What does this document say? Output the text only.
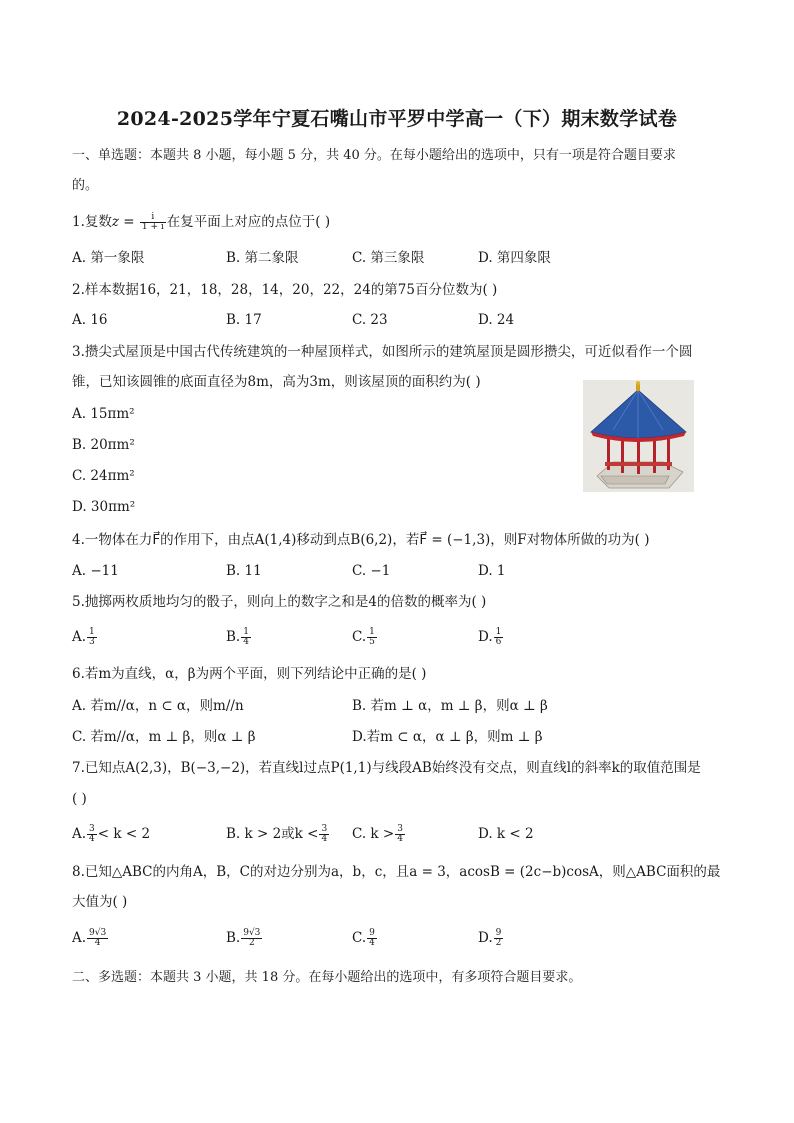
2024-2025学年宁夏石嘴山市平罗中学高一（下）期末数学试卷
一、单选题：本题共 8 小题，每小题 5 分，共 40 分。在每小题给出的选项中，只有一项是符合题目要求
的。
1.复数$z = \frac{i}{1 + i}$ 在复平面上对应的点位于( )
A. 第一象限	B. 第二象限	C. 第三象限	D. 第四象限
2.样本数据16，21，18，28，14，20，22，24的第75百分位数为( )
A. 16	B. 17	C. 23	D. 24
3.攒尖式屋顶是中国古代传统建筑的一种屋顶样式，如图所示的建筑屋顶是圆形攒尖，可近似看作一个圆
锥，已知该圆锥的底面直径为8m，高为3m，则该屋顶的面积约为( )
A. 15πm²
B. 20πm²
C. 24πm²
D. 30πm²
4.一物体在力F⃗的作用下，由点A(1,4)移动到点B(6,2)，若F⃗ = (−1,3)，则F对物体所做的功为( )
A. −11	B. 11	C. −1	D. 1
5.抛掷两枚质地均匀的骰子，则向上的数字之和是4的倍数的概率为( )
A. $\frac{1}{3}$	B. $\frac{1}{4}$	C. $\frac{1}{5}$	D. $\frac{1}{6}$
6.若m为直线，α，β为两个平面，则下列结论中正确的是( )
A. 若m//α，n ⊂ α，则m//n	B. 若m ⊥ α，m ⊥ β，则α ⊥ β
C. 若m//α，m ⊥ β，则α ⊥ β	D.若m ⊂ α，α ⊥ β，则m ⊥ β
7.已知点A(2,3)，B(−3,−2)，若直线l过点P(1,1)与线段AB始终没有交点，则直线l的斜率k的取值范围是
( )
A. $\frac{3}{4} < k < 2$	B. k > 2或$k < \frac{3}{4} C$. $k > \frac{3}{4}$	D. k < 2
8.已知△ABC的内角A，B，C的对边分别为a，b，c，且a = 3，acosB = (2c−b)cosA，则△ABC面积的最
大值为( )
A. $\frac{9√3}{4}$	B. $\frac{9√3}{2}$	C. $\frac{9}{4}$	D. $\frac{9}{2}$
二、多选题：本题共 3 小题，共 18 分。在每小题给出的选项中，有多项符合题目要求。
